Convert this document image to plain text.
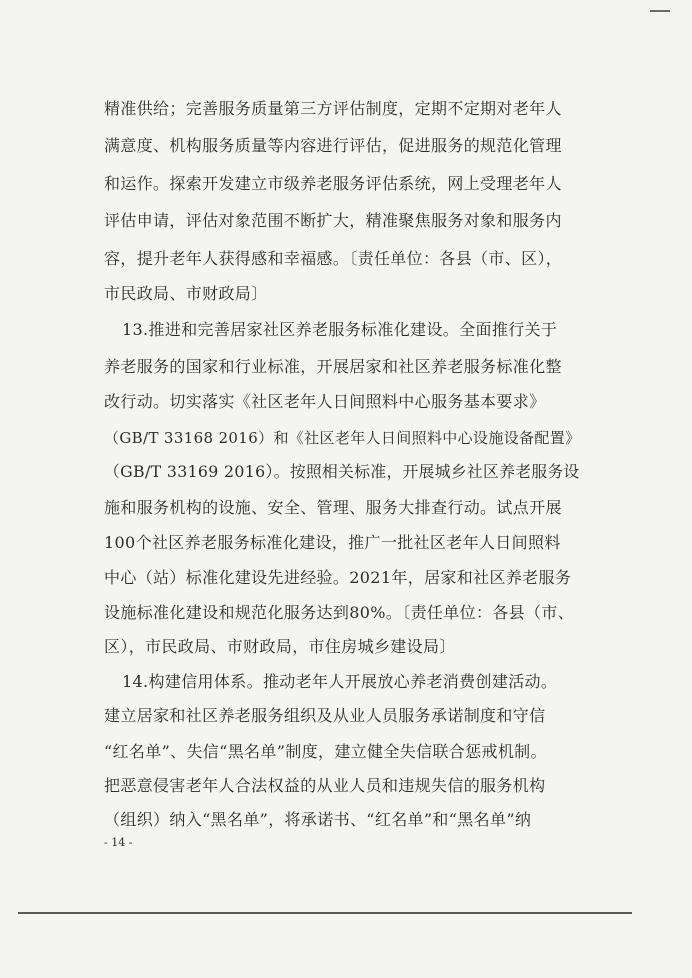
精准供给；完善服务质量第三方评估制度，定期不定期对老年人
满意度、机构服务质量等内容进行评估，促进服务的规范化管理
和运作。探索开发建立市级养老服务评估系统，网上受理老年人
评估申请，评估对象范围不断扩大，精准聚焦服务对象和服务内
容，提升老年人获得感和幸福感。〔责任单位：各县（市、区），
市民政局、市财政局〕
13.推进和完善居家社区养老服务标准化建设。全面推行关于
养老服务的国家和行业标准，开展居家和社区养老服务标准化整
改行动。切实落实《社区老年人日间照料中心服务基本要求》
（GB/T 33168 2016）和《社区老年人日间照料中心设施设备配置》
（GB/T 33169 2016）。按照相关标准，开展城乡社区养老服务设
施和服务机构的设施、安全、管理、服务大排查行动。试点开展
100个社区养老服务标准化建设，推广一批社区老年人日间照料
中心（站）标准化建设先进经验。2021年，居家和社区养老服务
设施标准化建设和规范化服务达到80%。〔责任单位：各县（市、
区），市民政局、市财政局，市住房城乡建设局〕
14.构建信用体系。推动老年人开展放心养老消费创建活动。
建立居家和社区养老服务组织及从业人员服务承诺制度和守信
“红名单”、失信“黑名单”制度，建立健全失信联合惩戒机制。
把恶意侵害老年人合法权益的从业人员和违规失信的服务机构
（组织）纳入“黑名单”，将承诺书、“红名单”和“黑名单”纳
- 14 -
